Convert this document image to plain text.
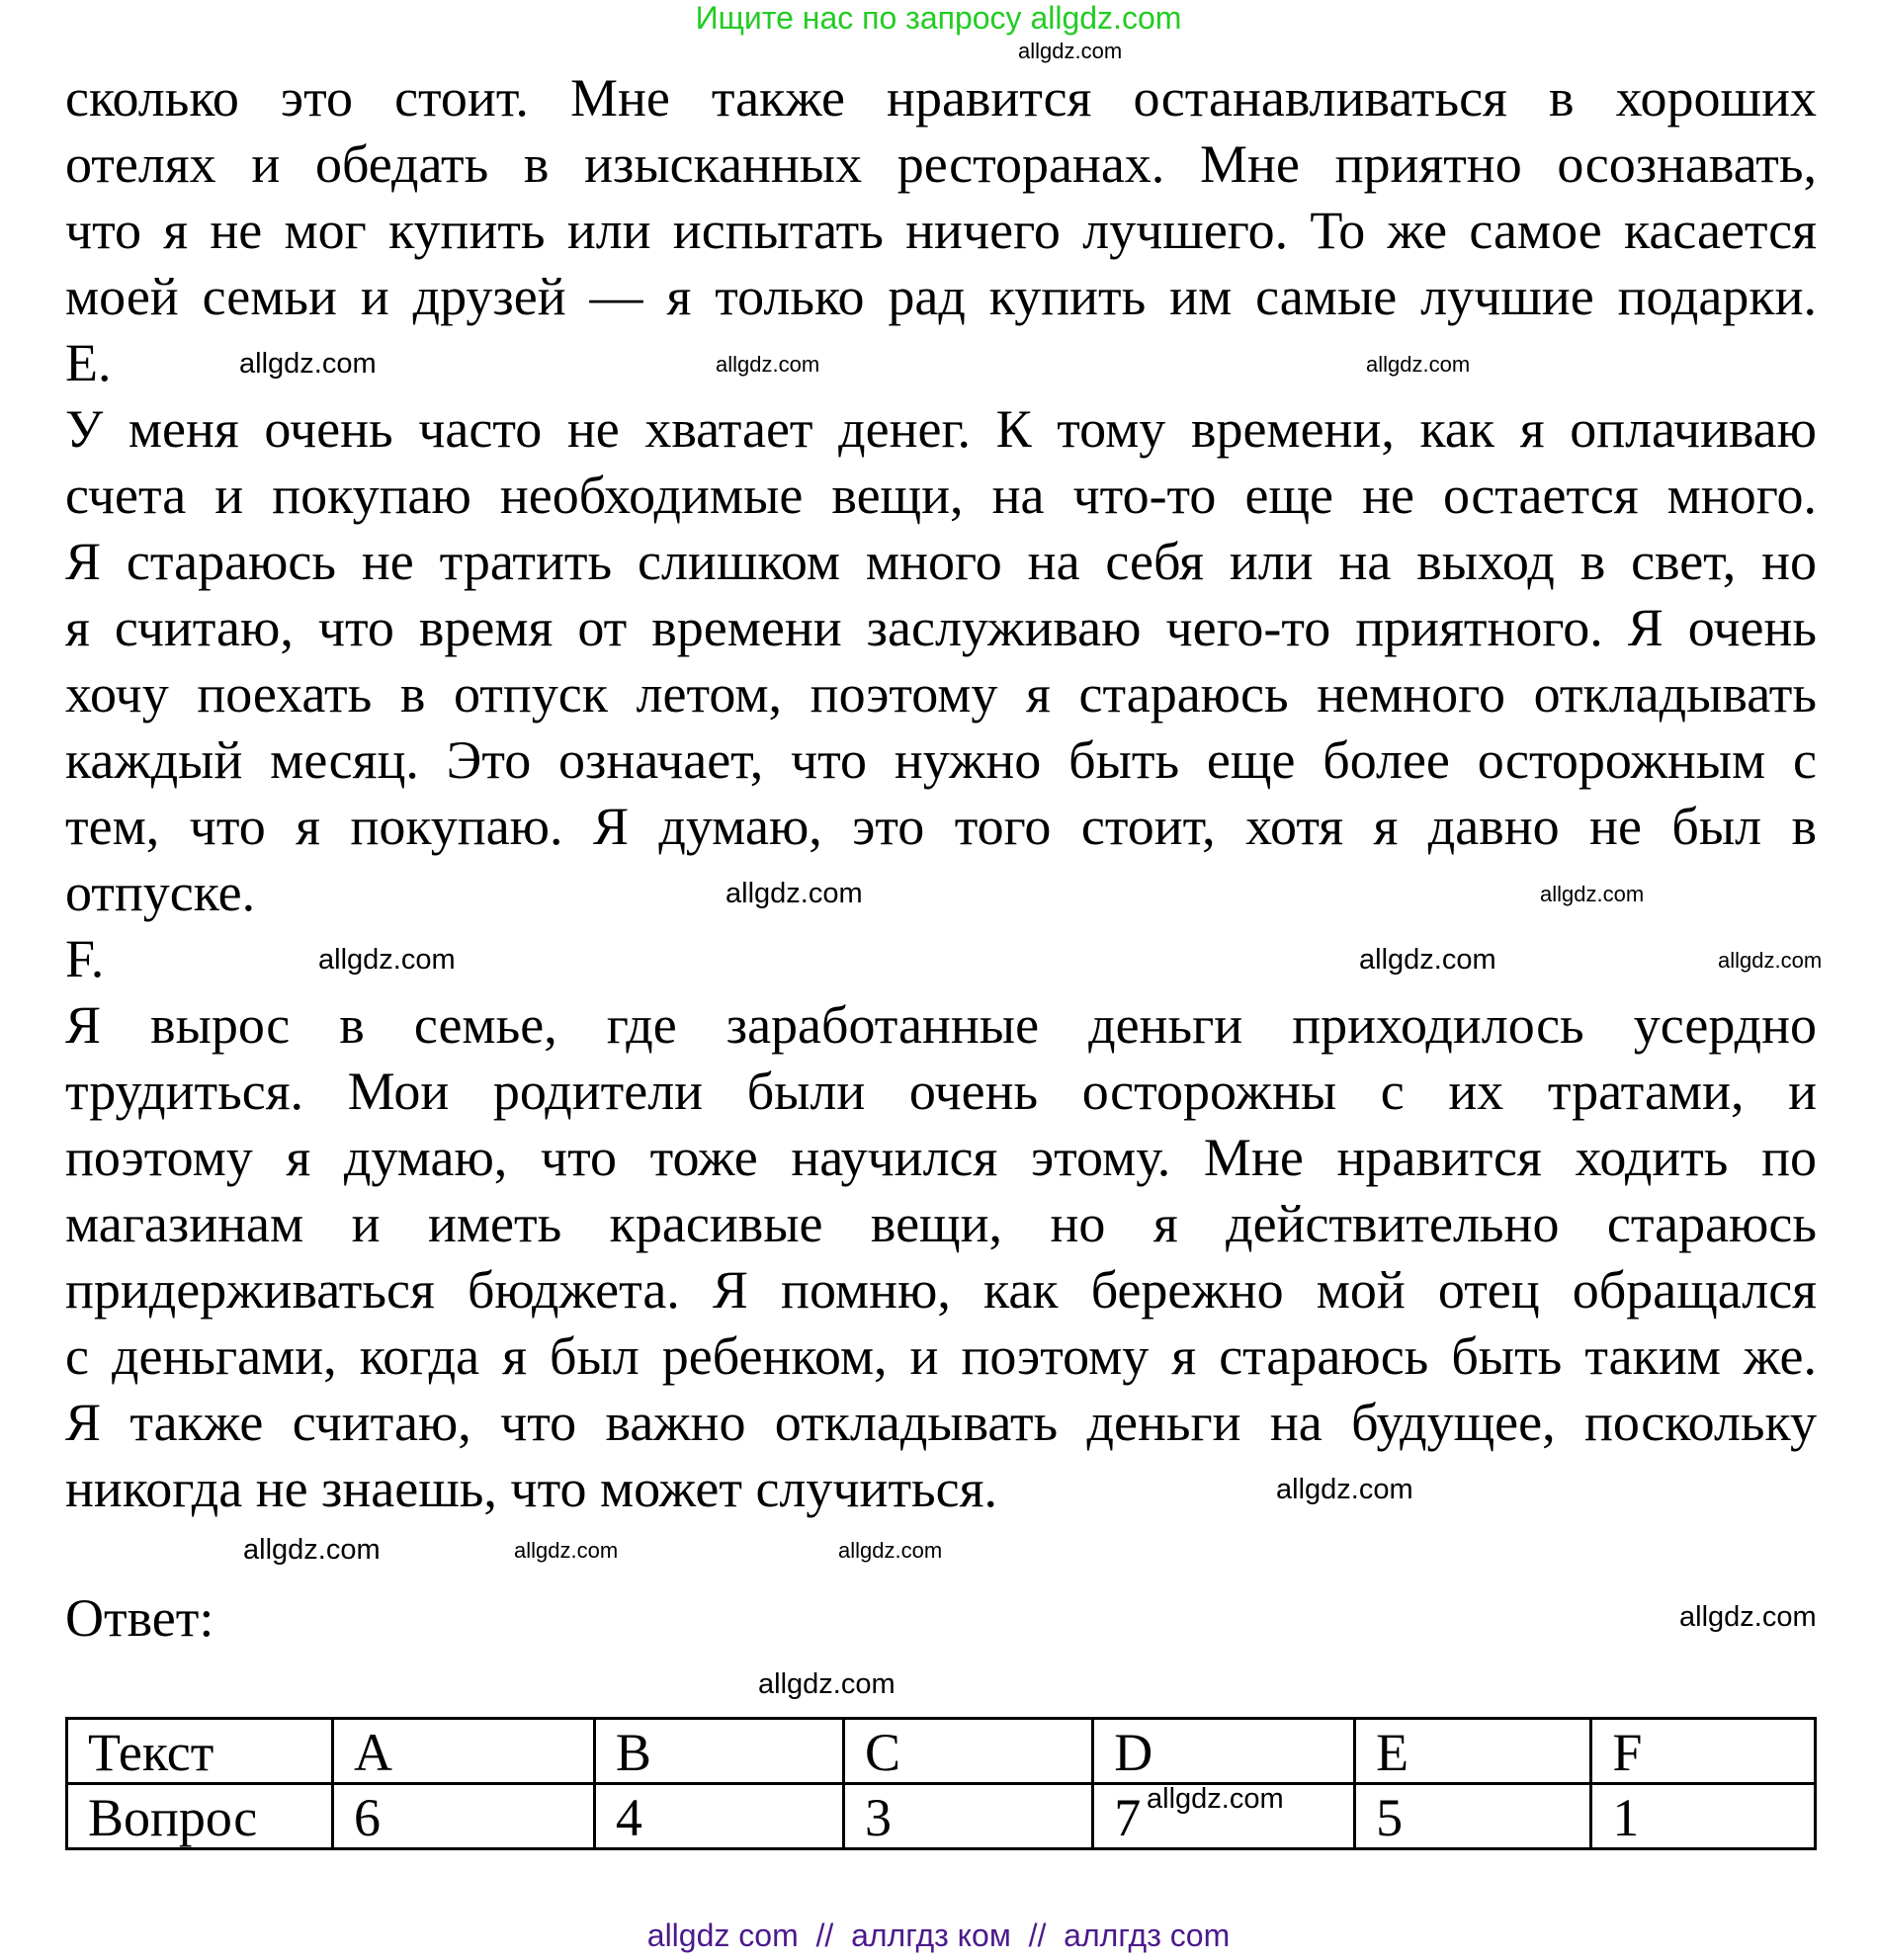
Ищите нас по запросу allgdz.com
сколько это стоит. Мне также нравится останавливаться в хороших
отелях и обедать в изысканных ресторанах. Мне приятно осознавать,
что я не мог купить или испытать ничего лучшего. То же самое касается
моей семьи и друзей — я только рад купить им самые лучшие подарки.
E.
У меня очень часто не хватает денег. К тому времени, как я оплачиваю
счета и покупаю необходимые вещи, на что-то еще не остается много.
Я стараюсь не тратить слишком много на себя или на выход в свет, но
я считаю, что время от времени заслуживаю чего-то приятного. Я очень
хочу поехать в отпуск летом, поэтому я стараюсь немного откладывать
каждый месяц. Это означает, что нужно быть еще более осторожным с
тем, что я покупаю. Я думаю, это того стоит, хотя я давно не был в
отпуске.
F.
Я вырос в семье, где заработанные деньги приходилось усердно
трудиться. Мои родители были очень осторожны с их тратами, и
поэтому я думаю, что тоже научился этому. Мне нравится ходить по
магазинам и иметь красивые вещи, но я действительно стараюсь
придерживаться бюджета. Я помню, как бережно мой отец обращался
с деньгами, когда я был ребенком, и поэтому я стараюсь быть таким же.
Я также считаю, что важно откладывать деньги на будущее, поскольку
никогда не знаешь, что может случиться.
allgdz.com
allgdz.com	allgdz.com	allgdz.com
allgdz.com	allgdz.com
allgdz.com	allgdz.com	allgdz.com
allgdz.com
allgdz.com	allgdz.com	allgdz.com
allgdz.com
allgdz.com
Ответ:
Текст	A	B	C	D	E	F
Вопрос	6	4	3	7	5	1
allgdz.com
allgdz com  //  аллгдз ком  //  аллгдз com
